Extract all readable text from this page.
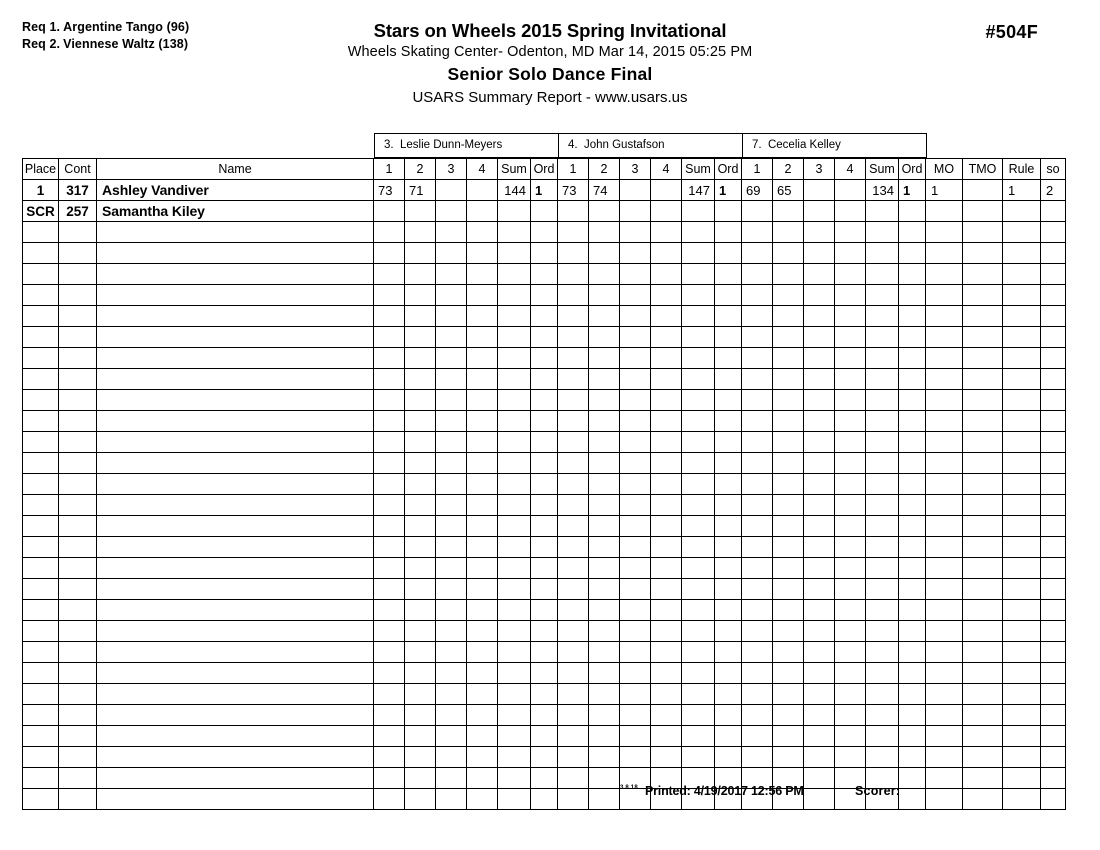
Req 1. Argentine Tango (96)
Req 2. Viennese Waltz (138)
Stars on Wheels 2015 Spring Invitational
Wheels Skating Center- Odenton, MD Mar 14, 2015 05:25 PM
Senior Solo Dance Final
USARS Summary Report - www.usars.us
#504F
3. Leslie Dunn-Meyers	4. John Gustafson	7. Cecelia Kelley
Place	Cont	Name	1	2	3	4	Sum	Ord	1	2	3	4	Sum	Ord	1	2	3	4	Sum	Ord	MO	TMO	Rule	so
1	317	Ashley Vandiver	73	71			144	1	73	74			147	1	69	65			134	1	1		1	2
SCR	257	Samantha Kiley																						

3.8.18 Printed: 4/19/2017 12:56 PM	Scorer:
